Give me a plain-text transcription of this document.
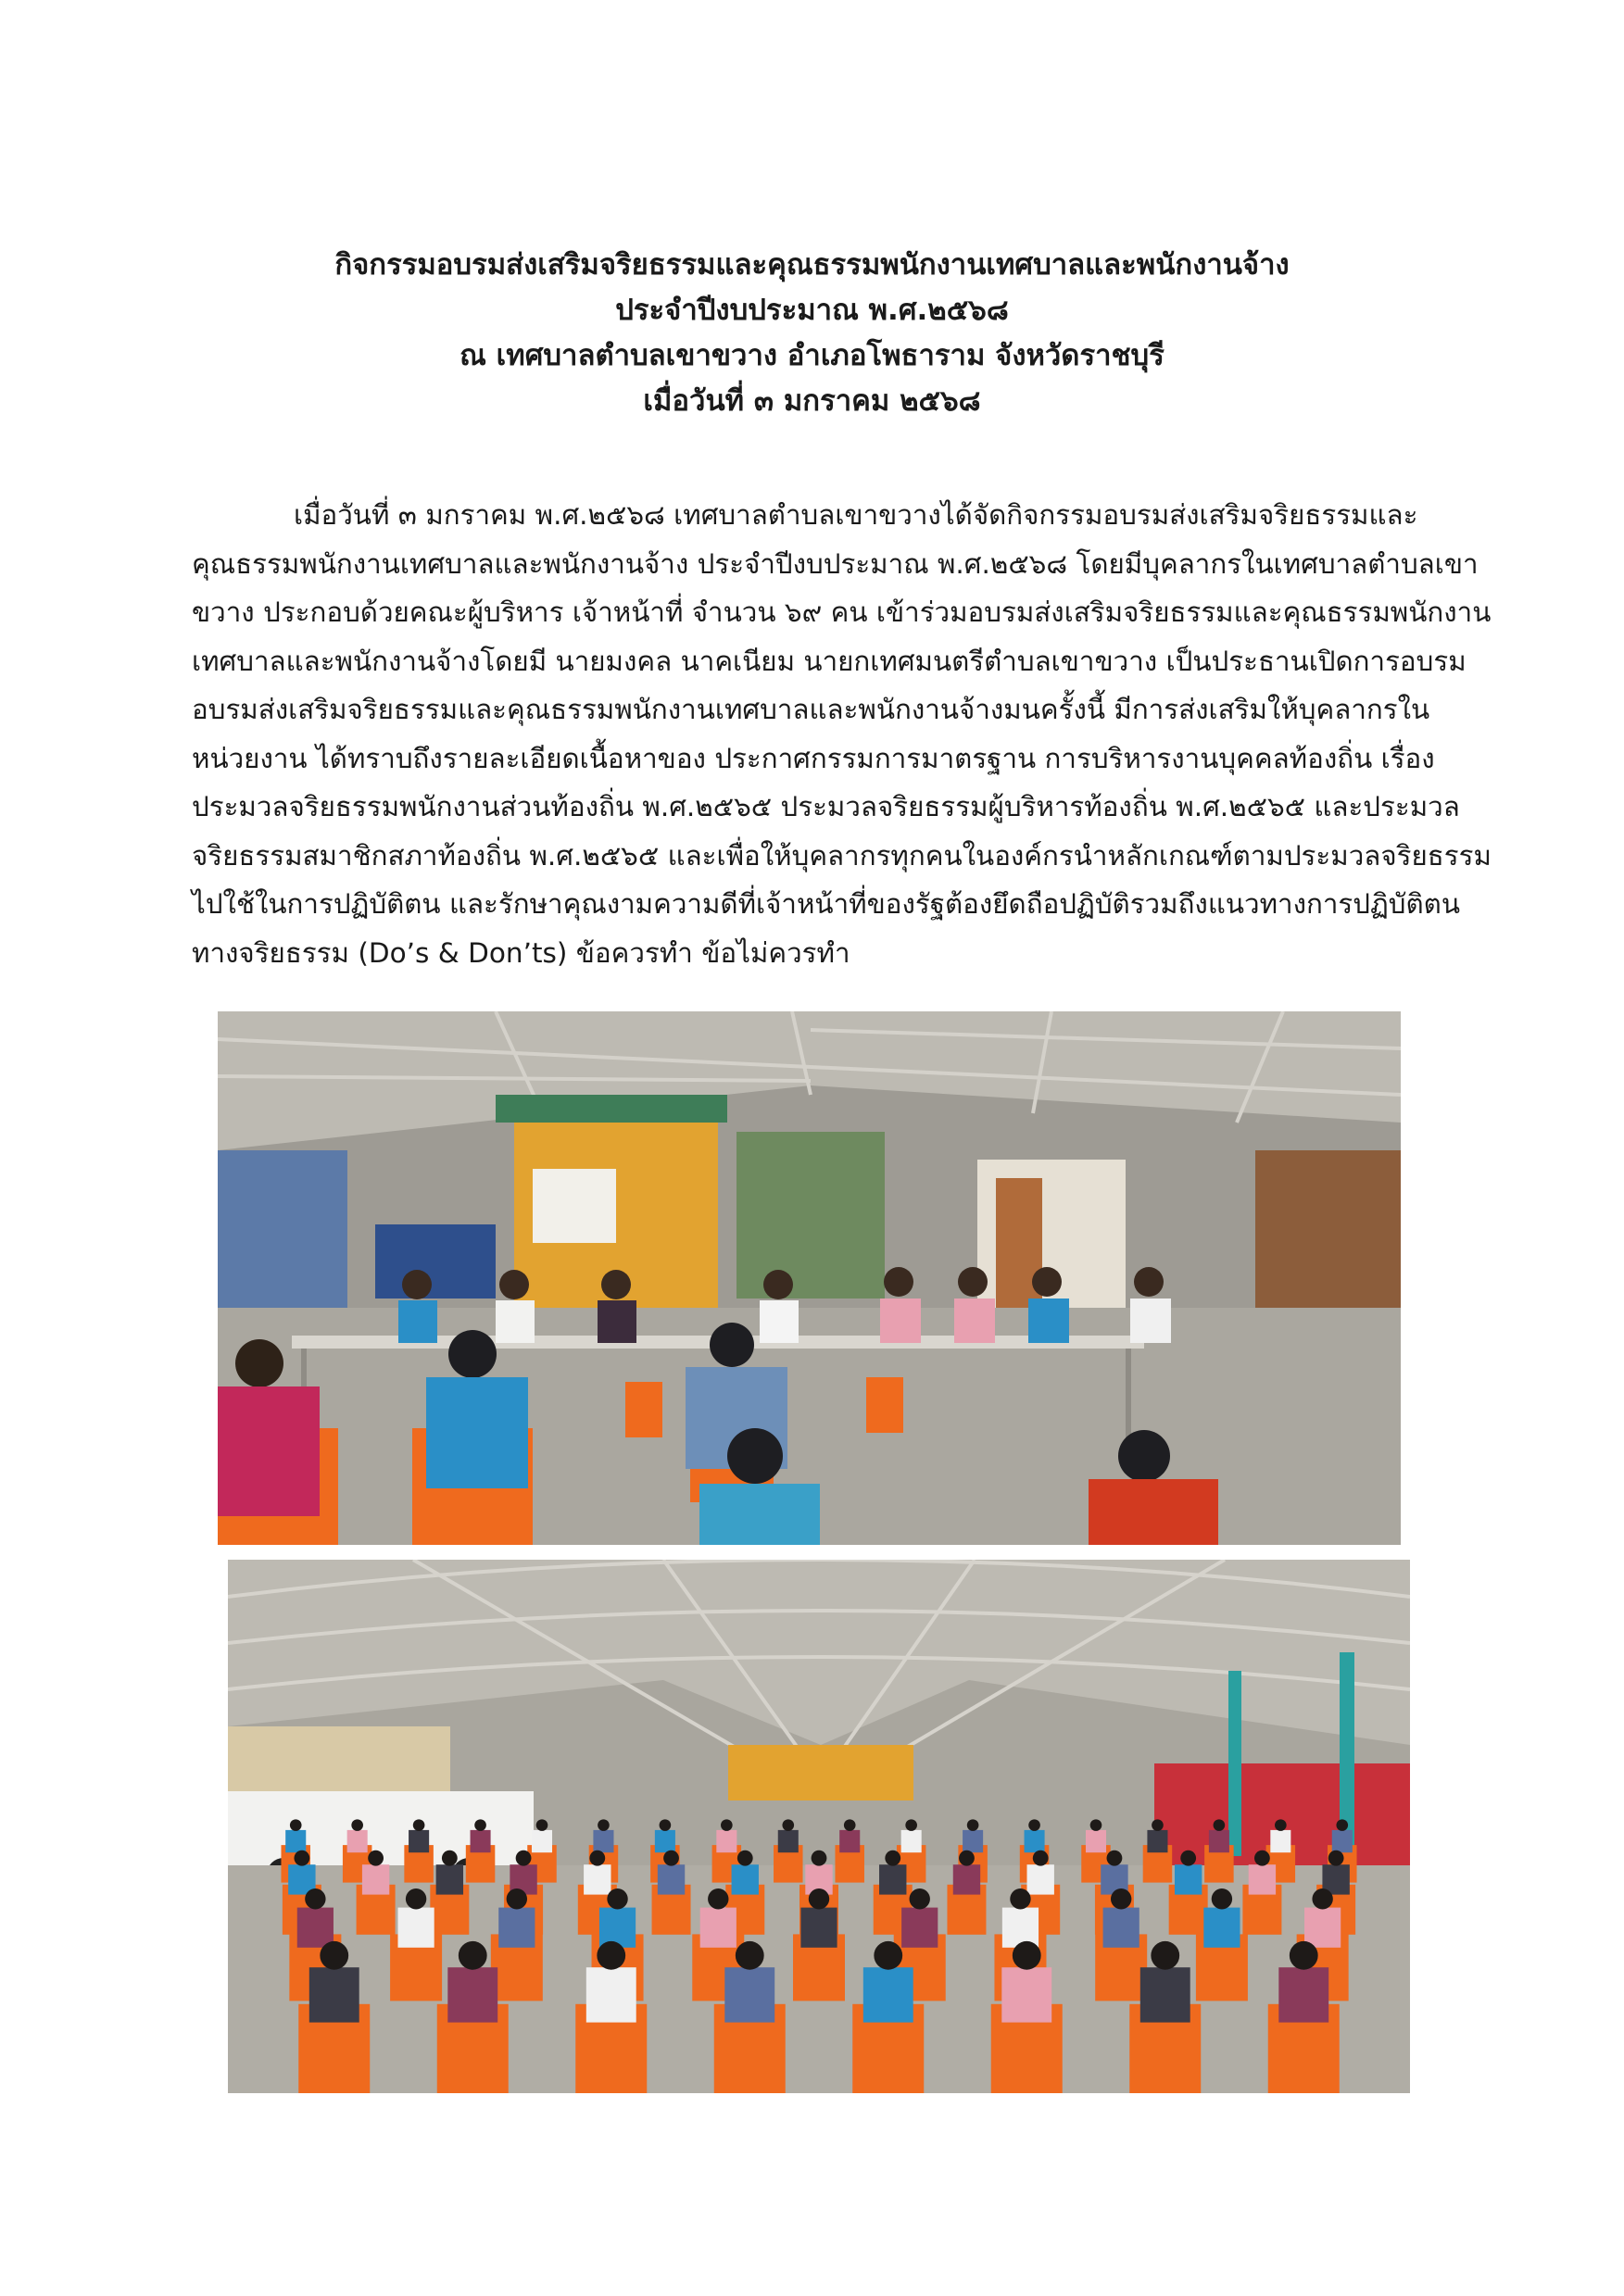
กิจกรรมอบรมส่งเสริมจริยธรรมและคุณธรรมพนักงานเทศบาลและพนักงานจ้าง
ประจำปีงบประมาณ พ.ศ.๒๕๖๘
ณ เทศบาลตำบลเขาขวาง อำเภอโพธาราม จังหวัดราชบุรี
เมื่อวันที่ ๓ มกราคม ๒๕๖๘
เมื่อวันที่ ๓ มกราคม พ.ศ.๒๕๖๘ เทศบาลตำบลเขาขวางได้จัดกิจกรรมอบรมส่งเสริมจริยธรรมและ
คุณธรรมพนักงานเทศบาลและพนักงานจ้าง ประจำปีงบประมาณ พ.ศ.๒๕๖๘ โดยมีบุคลากรในเทศบาลตำบลเขา
ขวาง ประกอบด้วยคณะผู้บริหาร เจ้าหน้าที่ จำนวน ๖๙ คน เข้าร่วมอบรมส่งเสริมจริยธรรมและคุณธรรมพนักงาน
เทศบาลและพนักงานจ้างโดยมี นายมงคล นาคเนียม นายกเทศมนตรีตำบลเขาขวาง เป็นประธานเปิดการอบรม
อบรมส่งเสริมจริยธรรมและคุณธรรมพนักงานเทศบาลและพนักงานจ้างมนครั้งนี้ มีการส่งเสริมให้บุคลากรใน
หน่วยงาน ได้ทราบถึงรายละเอียดเนื้อหาของ ประกาศกรรมการมาตรฐาน การบริหารงานบุคคลท้องถิ่น เรื่อง
ประมวลจริยธรรมพนักงานส่วนท้องถิ่น พ.ศ.๒๕๖๕ ประมวลจริยธรรมผู้บริหารท้องถิ่น พ.ศ.๒๕๖๕ และประมวล
จริยธรรมสมาชิกสภาท้องถิ่น พ.ศ.๒๕๖๕ และเพื่อให้บุคลากรทุกคนในองค์กรนำหลักเกณฑ์ตามประมวลจริยธรรม
ไปใช้ในการปฏิบัติตน และรักษาคุณงามความดีที่เจ้าหน้าที่ของรัฐต้องยึดถือปฏิบัติรวมถึงแนวทางการปฏิบัติตน
ทางจริยธรรม (Do’s & Don’ts) ข้อควรทำ ข้อไม่ควรทำ
